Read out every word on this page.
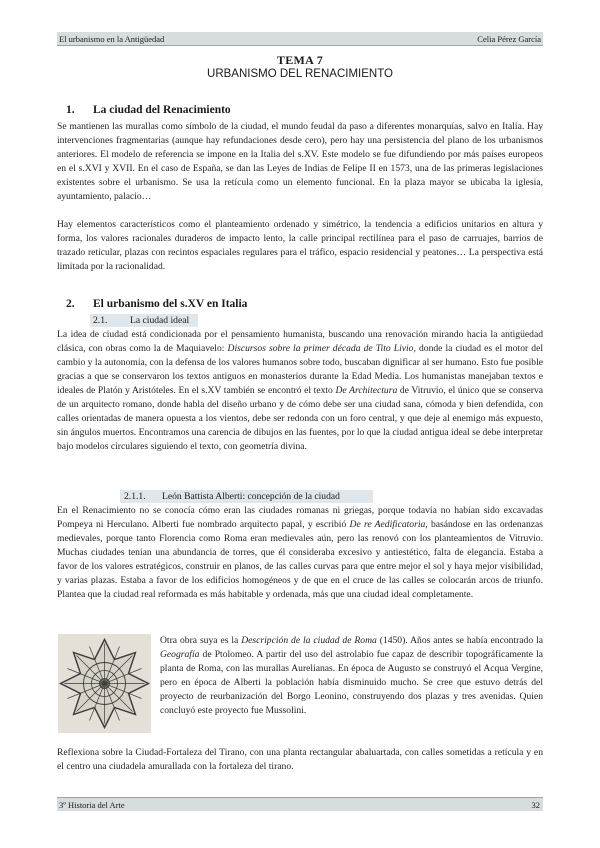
El urbanismo en la Antigüedad	Celia Pérez García
TEMA 7
URBANISMO DEL RENACIMIENTO
1. La ciudad del Renacimiento
Se mantienen las murallas como símbolo de la ciudad, el mundo feudal da paso a diferentes monarquías, salvo en Italia. Hay intervenciones fragmentarias (aunque hay refundaciones desde cero), pero hay una persistencia del plano de los urbanismos anteriores. El modelo de referencia se impone en la Italia del s.XV. Este modelo se fue difundiendo por más países europeos en el s.XVI y XVII. En el caso de España, se dan las Leyes de Indias de Felipe II en 1573, una de las primeras legislaciones existentes sobre el urbanismo. Se usa la retícula como un elemento funcional. En la plaza mayor se ubicaba la iglesia, ayuntamiento, palacio…
Hay elementos característicos como el planteamiento ordenado y simétrico, la tendencia a edificios unitarios en altura y forma, los valores racionales duraderos de impacto lento, la calle principal rectilínea para el paso de carruajes, barrios de trazado reticular, plazas con recintos espaciales regulares para el tráfico, espacio residencial y peatones… La perspectiva está limitada por la racionalidad.
2. El urbanismo del s.XV en Italia
2.1. La ciudad ideal
La idea de ciudad está condicionada por el pensamiento humanista, buscando una renovación mirando hacia la antigüedad clásica, con obras como la de Maquiavelo: Discursos sobre la primer década de Tito Livio, donde la ciudad es el motor del cambio y la autonomía, con la defensa de los valores humanos sobre todo, buscaban dignificar al ser humano. Esto fue posible gracias a que se conservaron los textos antiguos en monasterios durante la Edad Media. Los humanistas manejaban textos e ideales de Platón y Aristóteles. En el s.XV también se encontró el texto De Architectura de Vitruvio, el único que se conserva de un arquitecto romano, donde habla del diseño urbano y de cómo debe ser una ciudad sana, cómoda y bien defendida, con calles orientadas de manera opuesta a los vientos, debe ser redonda con un foro central, y que deje al enemigo más expuesto, sin ángulos muertos. Encontramos una carencia de dibujos en las fuentes, por lo que la ciudad antigua ideal se debe interpretar bajo modelos circulares siguiendo el texto, con geometría divina.
2.1.1. León Battista Alberti: concepción de la ciudad
En el Renacimiento no se conocía cómo eran las ciudades romanas ni griegas, porque todavía no habían sido excavadas Pompeya ni Herculano. Alberti fue nombrado arquitecto papal, y escribió De re Aedificatoria, basándose en las ordenanzas medievales, porque tanto Florencia como Roma eran medievales aún, pero las renovó con los planteamientos de Vitruvio. Muchas ciudades tenían una abundancia de torres, que él consideraba excesivo y antiestético, falta de elegancia. Estaba a favor de los valores estratégicos, construir en planos, de las calles curvas para que entre mejor el sol y haya mejor visibilidad, y varias plazas. Estaba a favor de los edificios homogéneos y de que en el cruce de las calles se colocarán arcos de triunfo. Plantea que la ciudad real reformada es más habitable y ordenada, más que una ciudad ideal completamente.
Otra obra suya es la Descripción de la ciudad de Roma (1450). Años antes se había encontrado la Geografía de Ptolomeo. A partir del uso del astrolabio fue capaz de describir topográficamente la planta de Roma, con las murallas Aurelianas. En época de Augusto se construyó el Acqua Vergine, pero en época de Alberti la población había disminuido mucho. Se cree que estuvo detrás del proyecto de reurbanización del Borgo Leonino, construyendo dos plazas y tres avenidas. Quien concluyó este proyecto fue Mussolini.
Reflexiona sobre la Ciudad-Fortaleza del Tirano, con una planta rectangular abaluartada, con calles sometidas a retícula y en el centro una ciudadela amurallada con la fortaleza del tirano.
3º Historia del Arte	32
